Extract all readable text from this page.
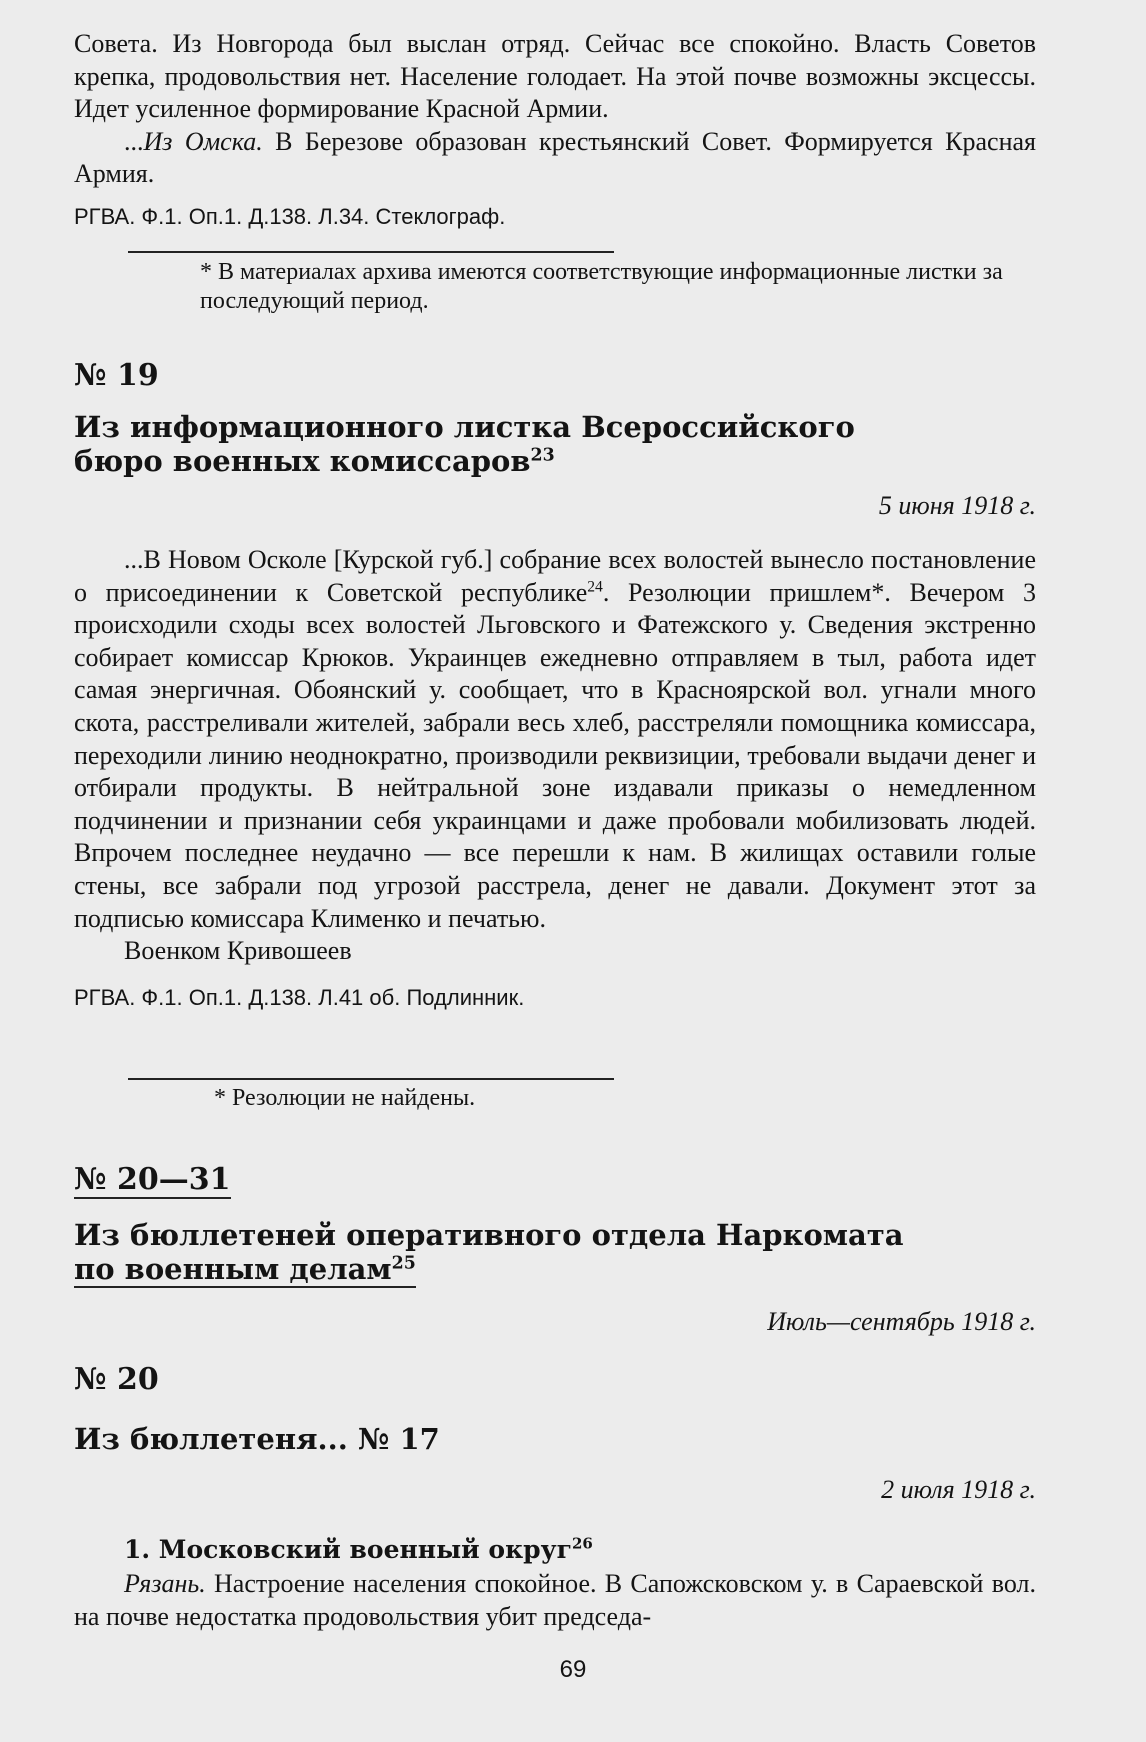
Совета. Из Новгорода был выслан отряд. Сейчас все спокойно. Власть Советов крепка, продовольствия нет. Население голодает. На этой почве возможны эксцессы. Идет усиленное формирование Красной Армии.

...Из Омска. В Березове образован крестьянский Совет. Формируется Красная Армия.

РГВА. Ф.1. Оп.1. Д.138. Л.34. Стеклограф.

* В материалах архива имеются соответствующие информационные листки за последующий период.

№ 19

Из информационного листка Всероссийского
бюро военных комиссаров$^{23}$

5 июня 1918 г.

...В Новом Осколе [Курской губ.] собрание всех волостей вынесло постановление о присоединении к Советской республике$^{24}$. Резолюции пришлем*. Вечером 3 происходили сходы всех волостей Льговского и Фатежского у. Сведения экстренно собирает комиссар Крюков. Украинцев ежедневно отправляем в тыл, работа идет самая энергичная. Обоянский у. сообщает, что в Красноярской вол. угнали много скота, расстреливали жителей, забрали весь хлеб, расстреляли помощника комиссара, переходили линию неоднократно, производили реквизиции, требовали выдачи денег и отбирали продукты. В нейтральной зоне издавали приказы о немедленном подчинении и признании себя украинцами и даже пробовали мобилизовать людей. Впрочем последнее неудачно — все перешли к нам. В жилищах оставили голые стены, все забрали под угрозой расстрела, денег не давали. Документ этот за подписью комиссара Клименко и печатью.

Военком Кривошеев

РГВА. Ф.1. Оп.1. Д.138. Л.41 об. Подлинник.

* Резолюции не найдены.

№ 20—31

Из бюллетеней оперативного отдела Наркомата
по военным делам$^{25}$

Июль—сентябрь 1918 г.

№ 20

Из бюллетеня... № 17

2 июля 1918 г.

1. Московский военный округ$^{26}$

Рязань. Настроение населения спокойное. В Сапожсковском у. в Сараевской вол. на почве недостатка продовольствия убит председа-

69
